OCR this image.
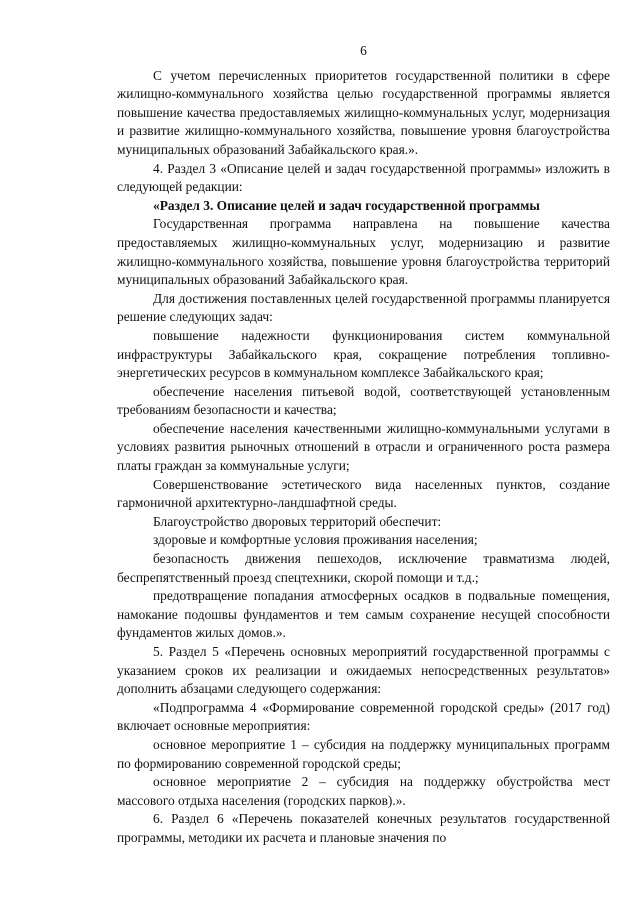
6

С учетом перечисленных приоритетов государственной политики в сфере жилищно-коммунального хозяйства целью государственной программы является повышение качества предоставляемых жилищно-коммунальных услуг, модернизация и развитие жилищно-коммунального хозяйства, повышение уровня благоустройства муниципальных образований Забайкальского края.».

4. Раздел 3 «Описание целей и задач государственной программы» изложить в следующей редакции:

«Раздел 3. Описание целей и задач государственной программы

Государственная программа направлена на повышение качества предоставляемых жилищно-коммунальных услуг, модернизацию и развитие жилищно-коммунального хозяйства, повышение уровня благоустройства территорий муниципальных образований Забайкальского края.

Для достижения поставленных целей государственной программы планируется решение следующих задач:

повышение надежности функционирования систем коммунальной инфраструктуры Забайкальского края, сокращение потребления топливно-энергетических ресурсов в коммунальном комплексе Забайкальского края;

обеспечение населения питьевой водой, соответствующей установленным требованиям безопасности и качества;

обеспечение населения качественными жилищно-коммунальными услугами в условиях развития рыночных отношений в отрасли и ограниченного роста размера платы граждан за коммунальные услуги;

Совершенствование эстетического вида населенных пунктов, создание гармоничной архитектурно-ландшафтной среды.

Благоустройство дворовых территорий обеспечит:

здоровые и комфортные условия проживания населения;

безопасность движения пешеходов, исключение травматизма людей, беспрепятственный проезд спецтехники, скорой помощи и т.д.;

предотвращение попадания атмосферных осадков в подвальные помещения, намокание подошвы фундаментов и тем самым сохранение несущей способности фундаментов жилых домов.».

5. Раздел 5 «Перечень основных мероприятий государственной программы с указанием сроков их реализации и ожидаемых непосредственных результатов» дополнить абзацами следующего содержания:

«Подпрограмма 4 «Формирование современной городской среды» (2017 год) включает основные мероприятия:

основное мероприятие 1 – субсидия на поддержку муниципальных программ по формированию современной городской среды;

основное мероприятие 2 – субсидия на поддержку обустройства мест массового отдыха населения (городских парков).».

6. Раздел 6 «Перечень показателей конечных результатов государственной программы, методики их расчета и плановые значения по
